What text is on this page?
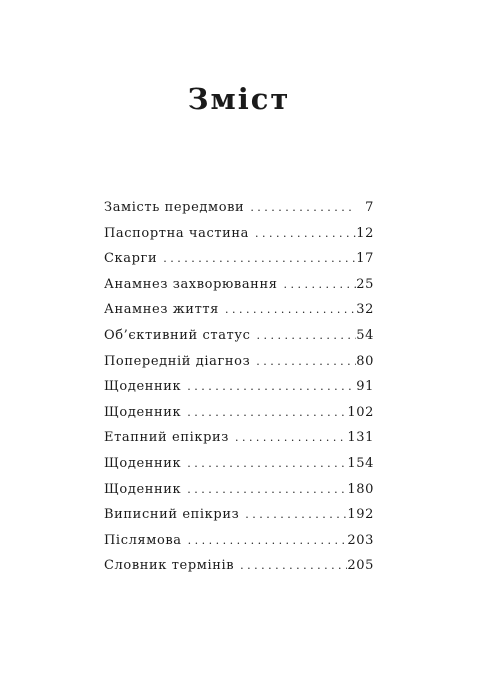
Зміст
Замість передмови . . .	7
Паспортна частина . . .	12
Скарги . . .	17
Анамнез захворювання . . .	25
Анамнез життя . . .	32
Об’єктивний статус . . .	54
Попередній діагноз . . .	80
Щоденник . . .	91
Щоденник . . .	102
Етапний епікриз . . .	131
Щоденник . . .	154
Щоденник . . .	180
Виписний епікриз . . .	192
Післямова . . .	203
Словник термінів . . .	205
